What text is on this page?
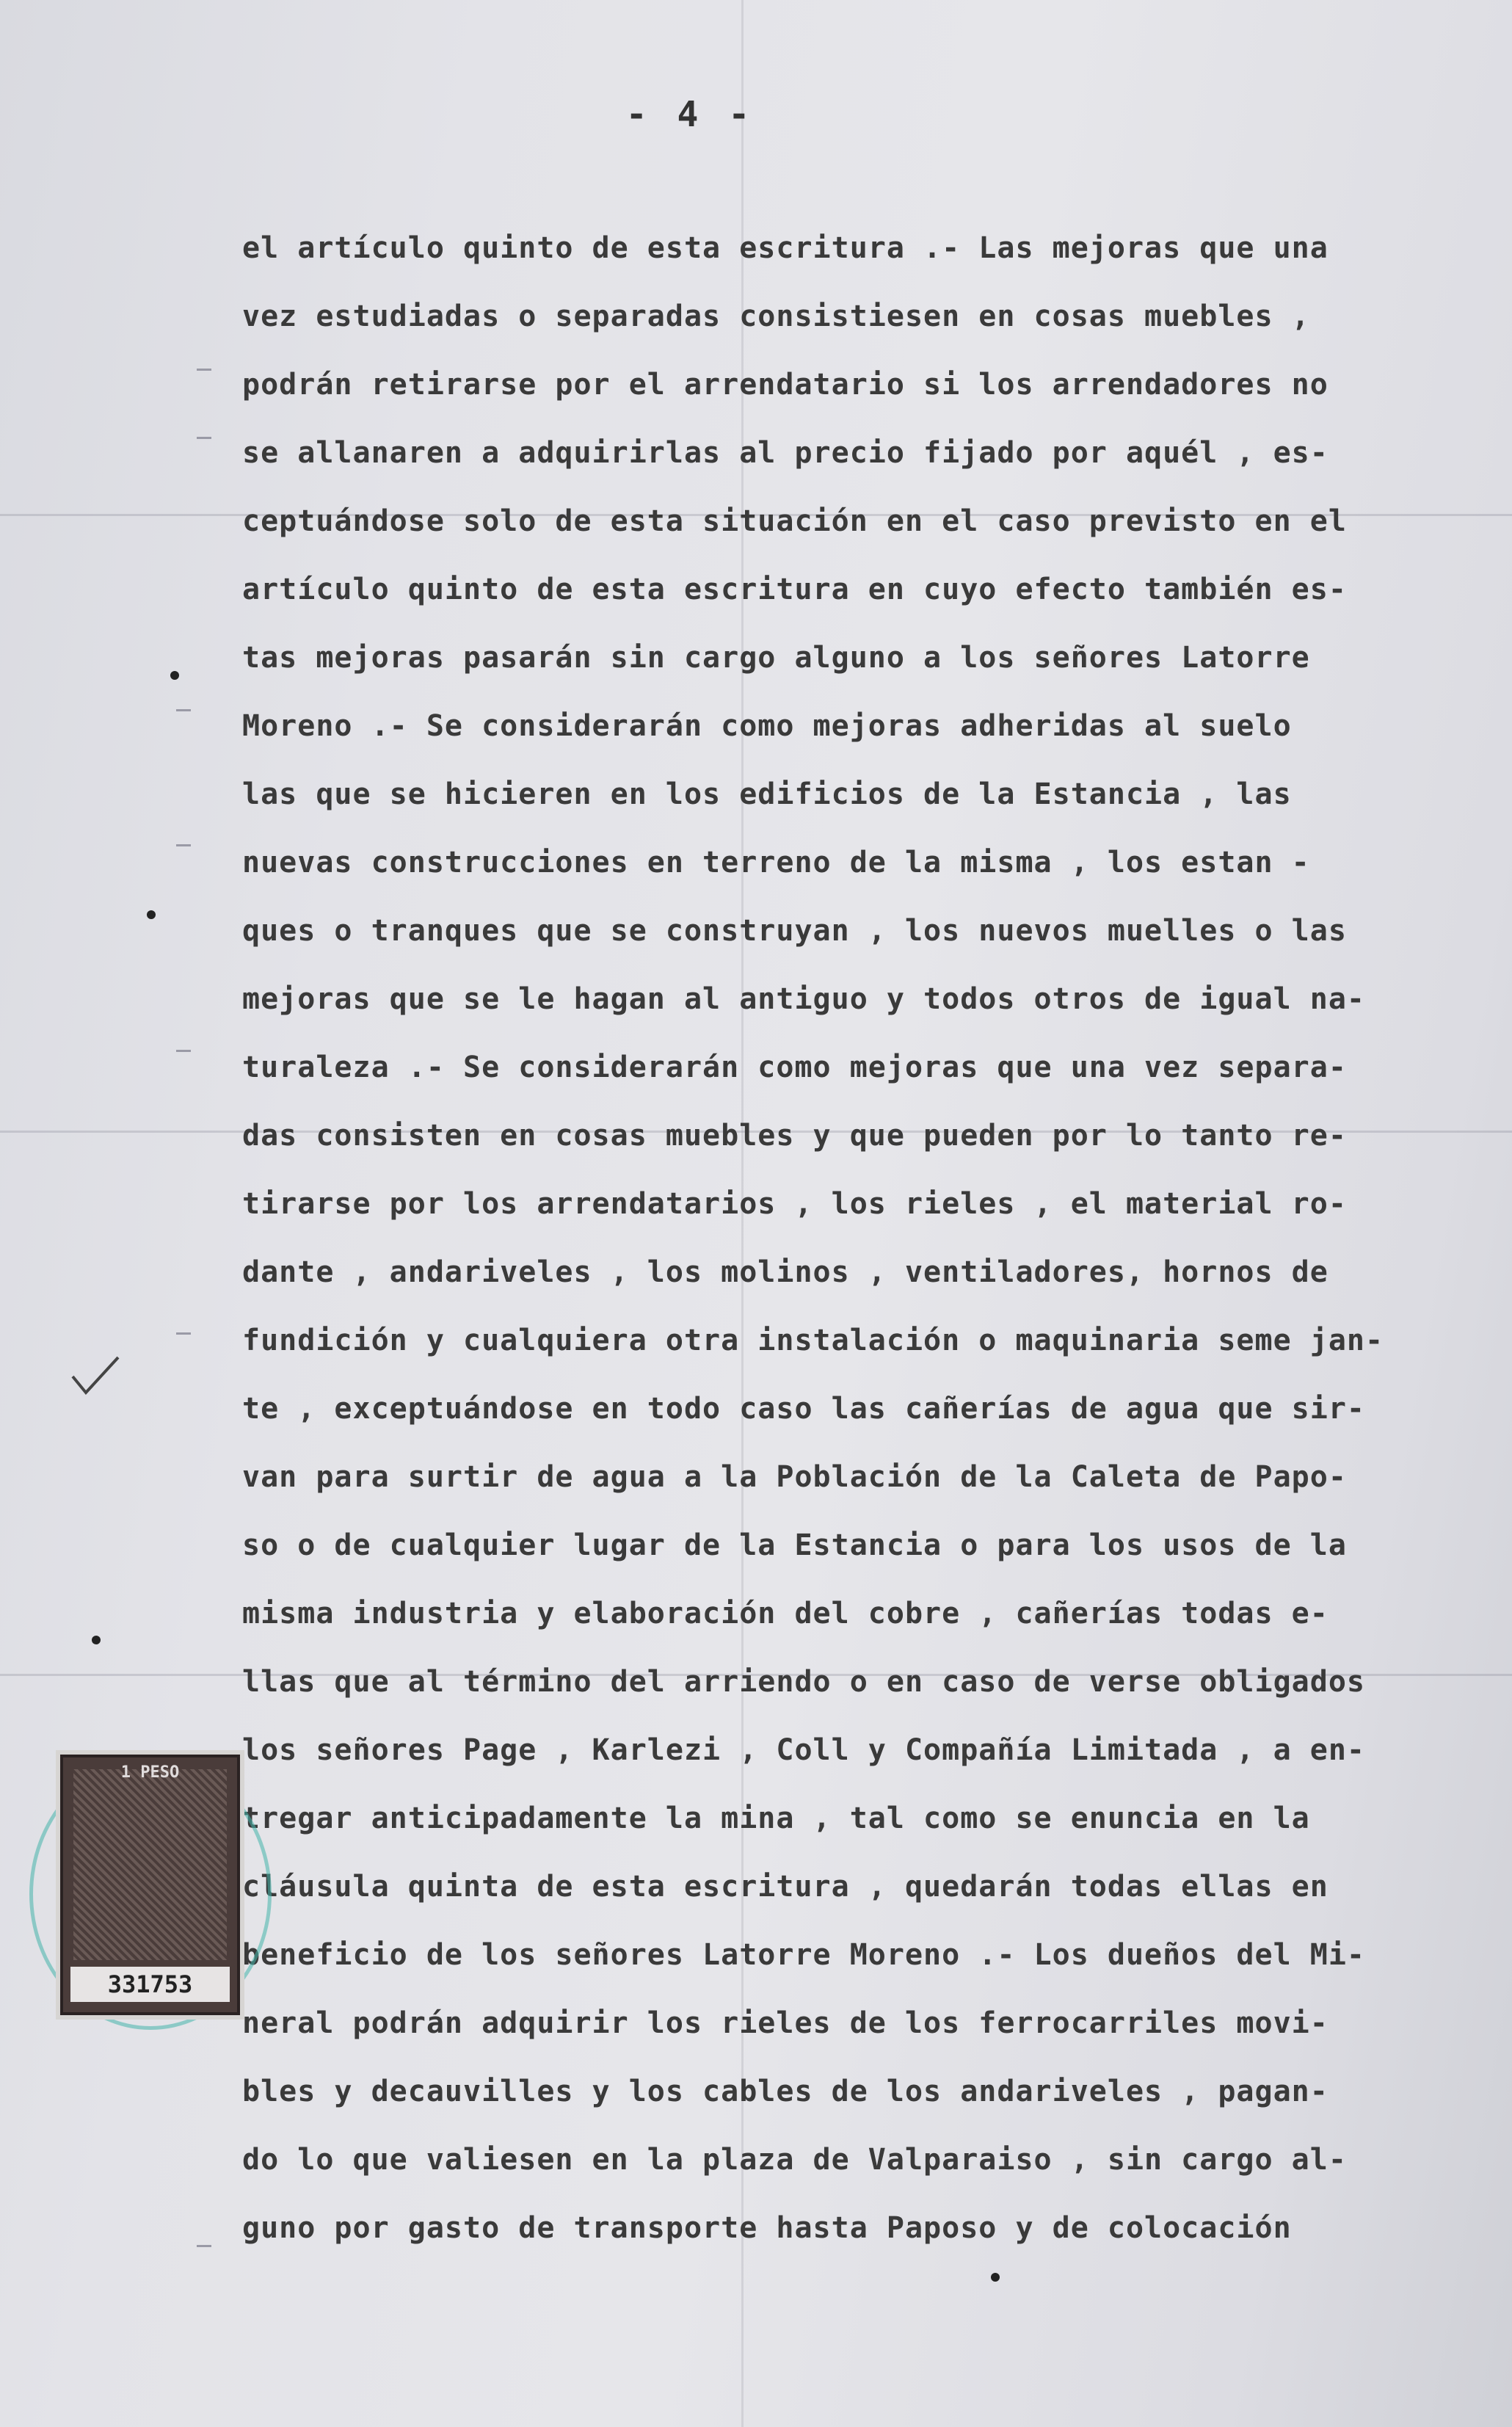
- 4 -
el artículo quinto de esta escritura .- Las mejoras que una
vez estudiadas o separadas consistiesen en cosas muebles ,
podrán retirarse por el arrendatario si los arrendadores no
se allanaren a adquirirlas al precio fijado por aquél , es-
ceptuándose solo de esta situación en el caso previsto en el
artículo quinto de esta escritura en cuyo efecto también es-
tas mejoras pasarán sin cargo alguno a los señores Latorre
Moreno .- Se considerarán como mejoras adheridas al suelo
las que se hicieren en los edificios de la Estancia , las
nuevas construcciones en terreno de la misma , los estan -
ques o tranques que se construyan , los nuevos muelles o las
mejoras que se le hagan al antiguo y todos otros de igual na-
turaleza .- Se considerarán como mejoras que una vez separa-
das consisten en cosas muebles y que pueden por lo tanto re-
tirarse por los arrendatarios , los rieles , el material ro-
dante , andariveles , los molinos , ventiladores, hornos de
fundición y cualquiera otra instalación o maquinaria seme jan-
te , exceptuándose en todo caso las cañerías de agua que sir-
van para surtir de agua a la Población de la Caleta de Papo-
so o de cualquier lugar de la Estancia o para los usos de la
misma industria y elaboración del cobre , cañerías todas e-
llas que al término del arriendo o en caso de verse obligados
los señores Page , Karlezi , Coll y Compañía Limitada , a en-
tregar anticipadamente la mina , tal como se enuncia en la
cláusula quinta de esta escritura , quedarán todas ellas en
beneficio de los señores Latorre Moreno .- Los dueños del Mi-
neral podrán adquirir los rieles de los ferrocarriles movi-
bles y decauvilles y los cables de los andariveles , pagan-
do lo que valiesen en la plaza de Valparaiso , sin cargo al-
guno por gasto de transporte hasta Paposo y de colocación
1 PESO
331753
